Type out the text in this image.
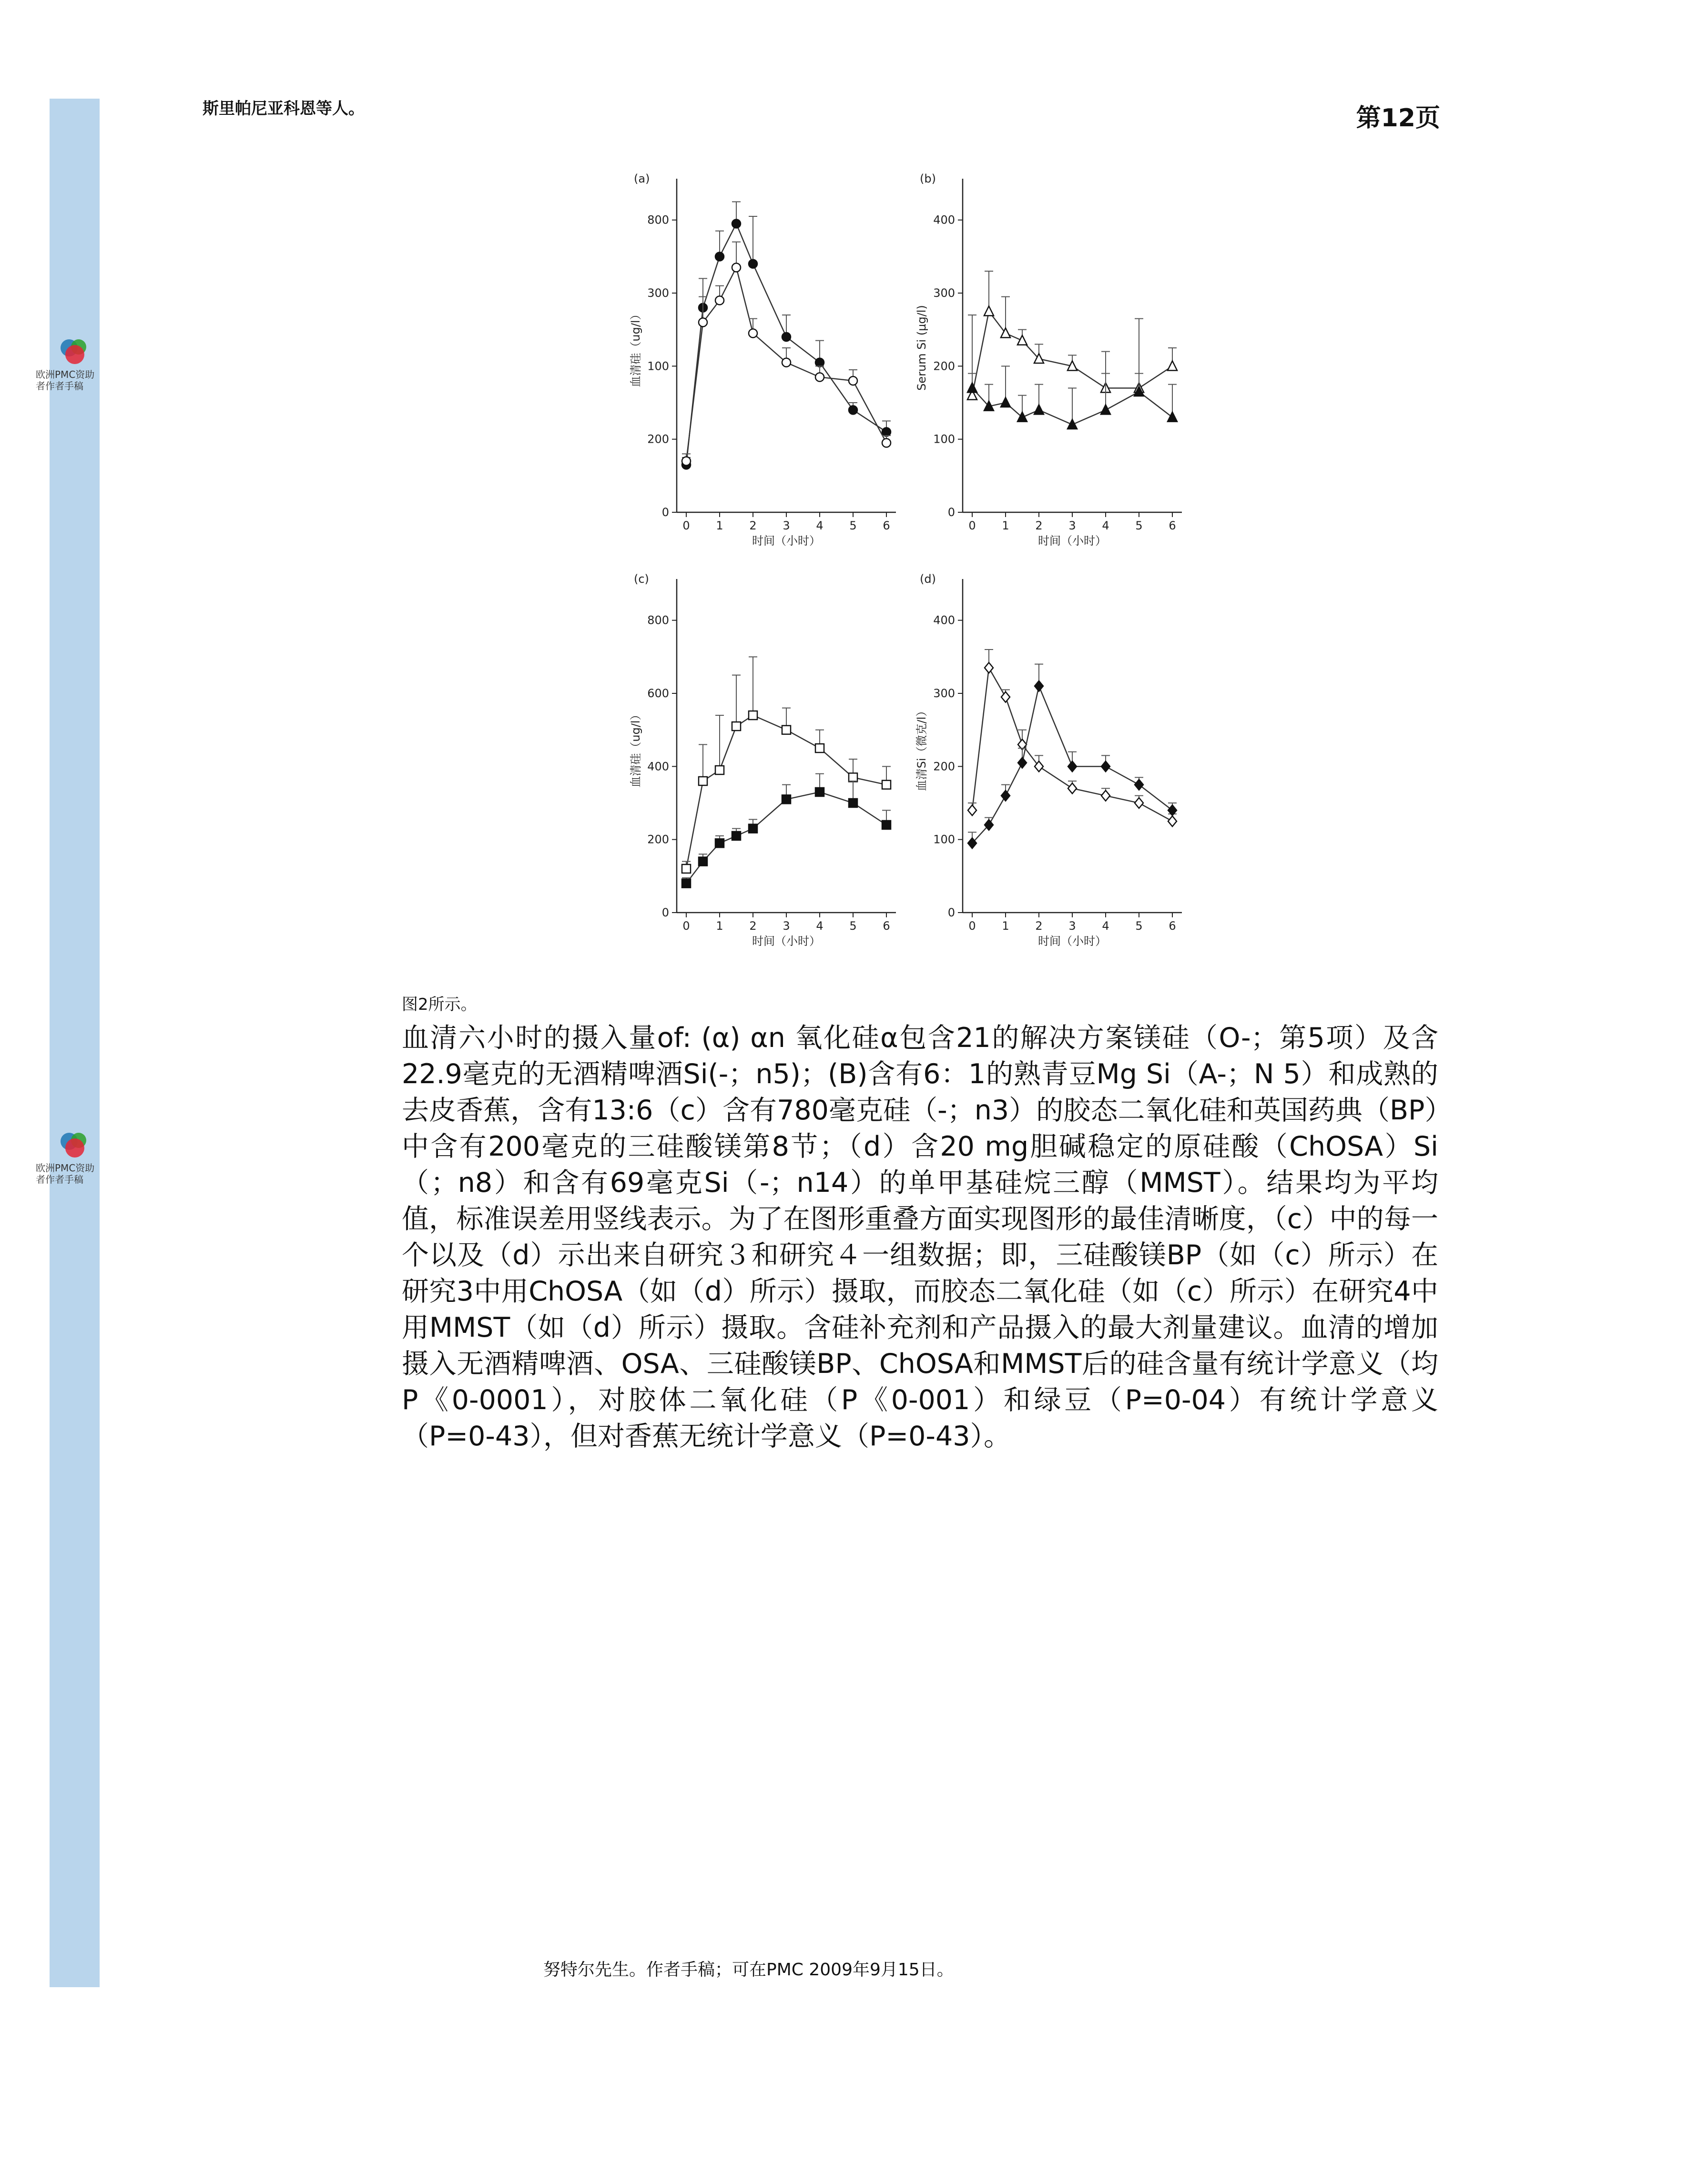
欧洲PMC资助者作者手稿
欧洲PMC资助者作者手稿
斯里帕尼亚科恩等人。	第12页
(a)
0
200
100
300
800
0 1 2 3 4 5 6
时间（小时）
血清硅（ug/l）
(b)
0
100
200
300
400
0 1 2 3 4 5 6
时间（小时）
Serum Si (μg/l)
(c)
0
200
400
600
800
0 1 2 3 4 5 6
时间（小时）
血清硅（ug/l）
(d)
0
100
200
300
400
0 1 2 3 4 5 6
时间（小时）
血清Si（微克/l）
图2所示。
血清六小时的摄入量of: (α) αn 氧化硅α包含21的解决方案镁硅（O-；第5项）及含22.9毫克的无酒精啤酒Si(-；n5)；(B)含有6：1的熟青豆Mg Si（A-；N 5）和成熟的去皮香蕉，含有13:6（c）含有780毫克硅（-；n3）的胶态二氧化硅和英国药典（BP）中含有200毫克的三硅酸镁第8节；（d）含20 mg胆碱稳定的原硅酸（ChOSA）Si（；n8）和含有69毫克Si（-；n14）的单甲基硅烷三醇（MMST）。结果均为平均值，标准误差用竖线表示。为了在图形重叠方面实现图形的最佳清晰度，（c）中的每一个以及（d）示出来自研究３和研究４一组数据；即，三硅酸镁BP（如（c）所示）在研究3中用ChOSA（如（d）所示）摄取，而胶态二氧化硅（如（c）所示）在研究4中用MMST（如（d）所示）摄取。含硅补充剂和产品摄入的最大剂量建议。血清的增加摄入无酒精啤酒、OSA、三硅酸镁BP、ChOSA和MMST后的硅含量有统计学意义（均P《0-0001），对胶体二氧化硅（P《0-001）和绿豆（P=0-04）有统计学意义（P=0-43），但对香蕉无统计学意义（P=0-43）。
努特尔先生。作者手稿；可在PMC 2009年9月15日。
